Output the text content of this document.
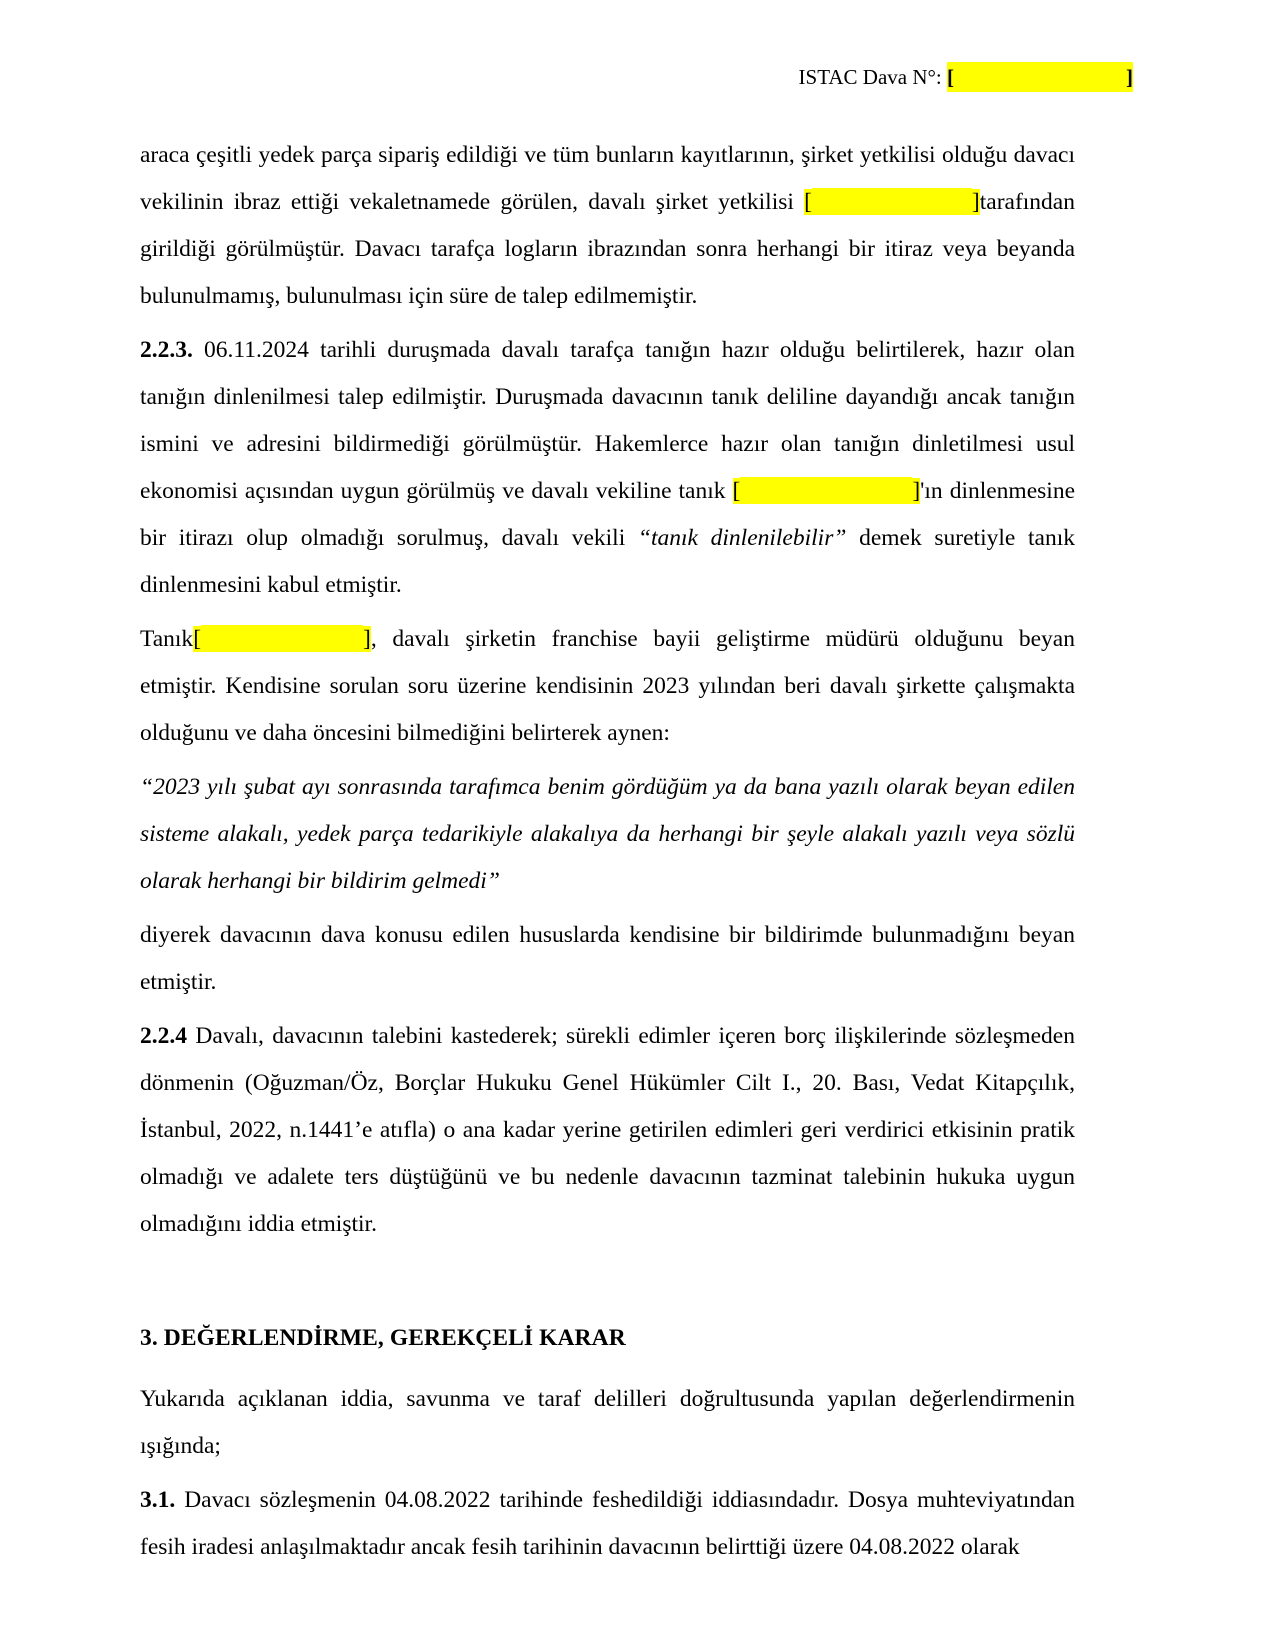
ISTAC Dava N°: [	]

araca çeşitli yedek parça sipariş edildiği ve tüm bunların kayıtlarının, şirket yetkilisi olduğu davacı vekilinin ibraz ettiği vekaletnamede görülen, davalı şirket yetkilisi [	]tarafından girildiği görülmüştür. Davacı tarafça logların ibrazından sonra herhangi bir itiraz veya beyanda bulunulmamış, bulunulması için süre de talep edilmemiştir.

2.2.3. 06.11.2024 tarihli duruşmada davalı tarafça tanığın hazır olduğu belirtilerek, hazır olan tanığın dinlenilmesi talep edilmiştir. Duruşmada davacının tanık deliline dayandığı ancak tanığın ismini ve adresini bildirmediği görülmüştür. Hakemlerce hazır olan tanığın dinletilmesi usul ekonomisi açısından uygun görülmüş ve davalı vekiline tanık [	]'ın dinlenmesine bir itirazı olup olmadığı sorulmuş, davalı vekili “tanık dinlenilebilir” demek suretiyle tanık dinlenmesini kabul etmiştir.

Tanık[	], davalı şirketin franchise bayii geliştirme müdürü olduğunu beyan etmiştir. Kendisine sorulan soru üzerine kendisinin 2023 yılından beri davalı şirkette çalışmakta olduğunu ve daha öncesini bilmediğini belirterek aynen:

“2023 yılı şubat ayı sonrasında tarafımca benim gördüğüm ya da bana yazılı olarak beyan edilen sisteme alakalı, yedek parça tedarikiyle alakalıya da herhangi bir şeyle alakalı yazılı veya sözlü olarak herhangi bir bildirim gelmedi”

diyerek davacının dava konusu edilen hususlarda kendisine bir bildirimde bulunmadığını beyan etmiştir.

2.2.4 Davalı, davacının talebini kastederek; sürekli edimler içeren borç ilişkilerinde sözleşmeden dönmenin (Oğuzman/Öz, Borçlar Hukuku Genel Hükümler Cilt I., 20. Bası, Vedat Kitapçılık, İstanbul, 2022, n.1441’e atıfla) o ana kadar yerine getirilen edimleri geri verdirici etkisinin pratik olmadığı ve adalete ters düştüğünü ve bu nedenle davacının tazminat talebinin hukuka uygun olmadığını iddia etmiştir.

3. DEĞERLENDİRME, GEREKÇELİ KARAR

Yukarıda açıklanan iddia, savunma ve taraf delilleri doğrultusunda yapılan değerlendirmenin ışığında;

3.1. Davacı sözleşmenin 04.08.2022 tarihinde feshedildiği iddiasındadır. Dosya muhteviyatından fesih iradesi anlaşılmaktadır ancak fesih tarihinin davacının belirttiği üzere 04.08.2022 olarak
